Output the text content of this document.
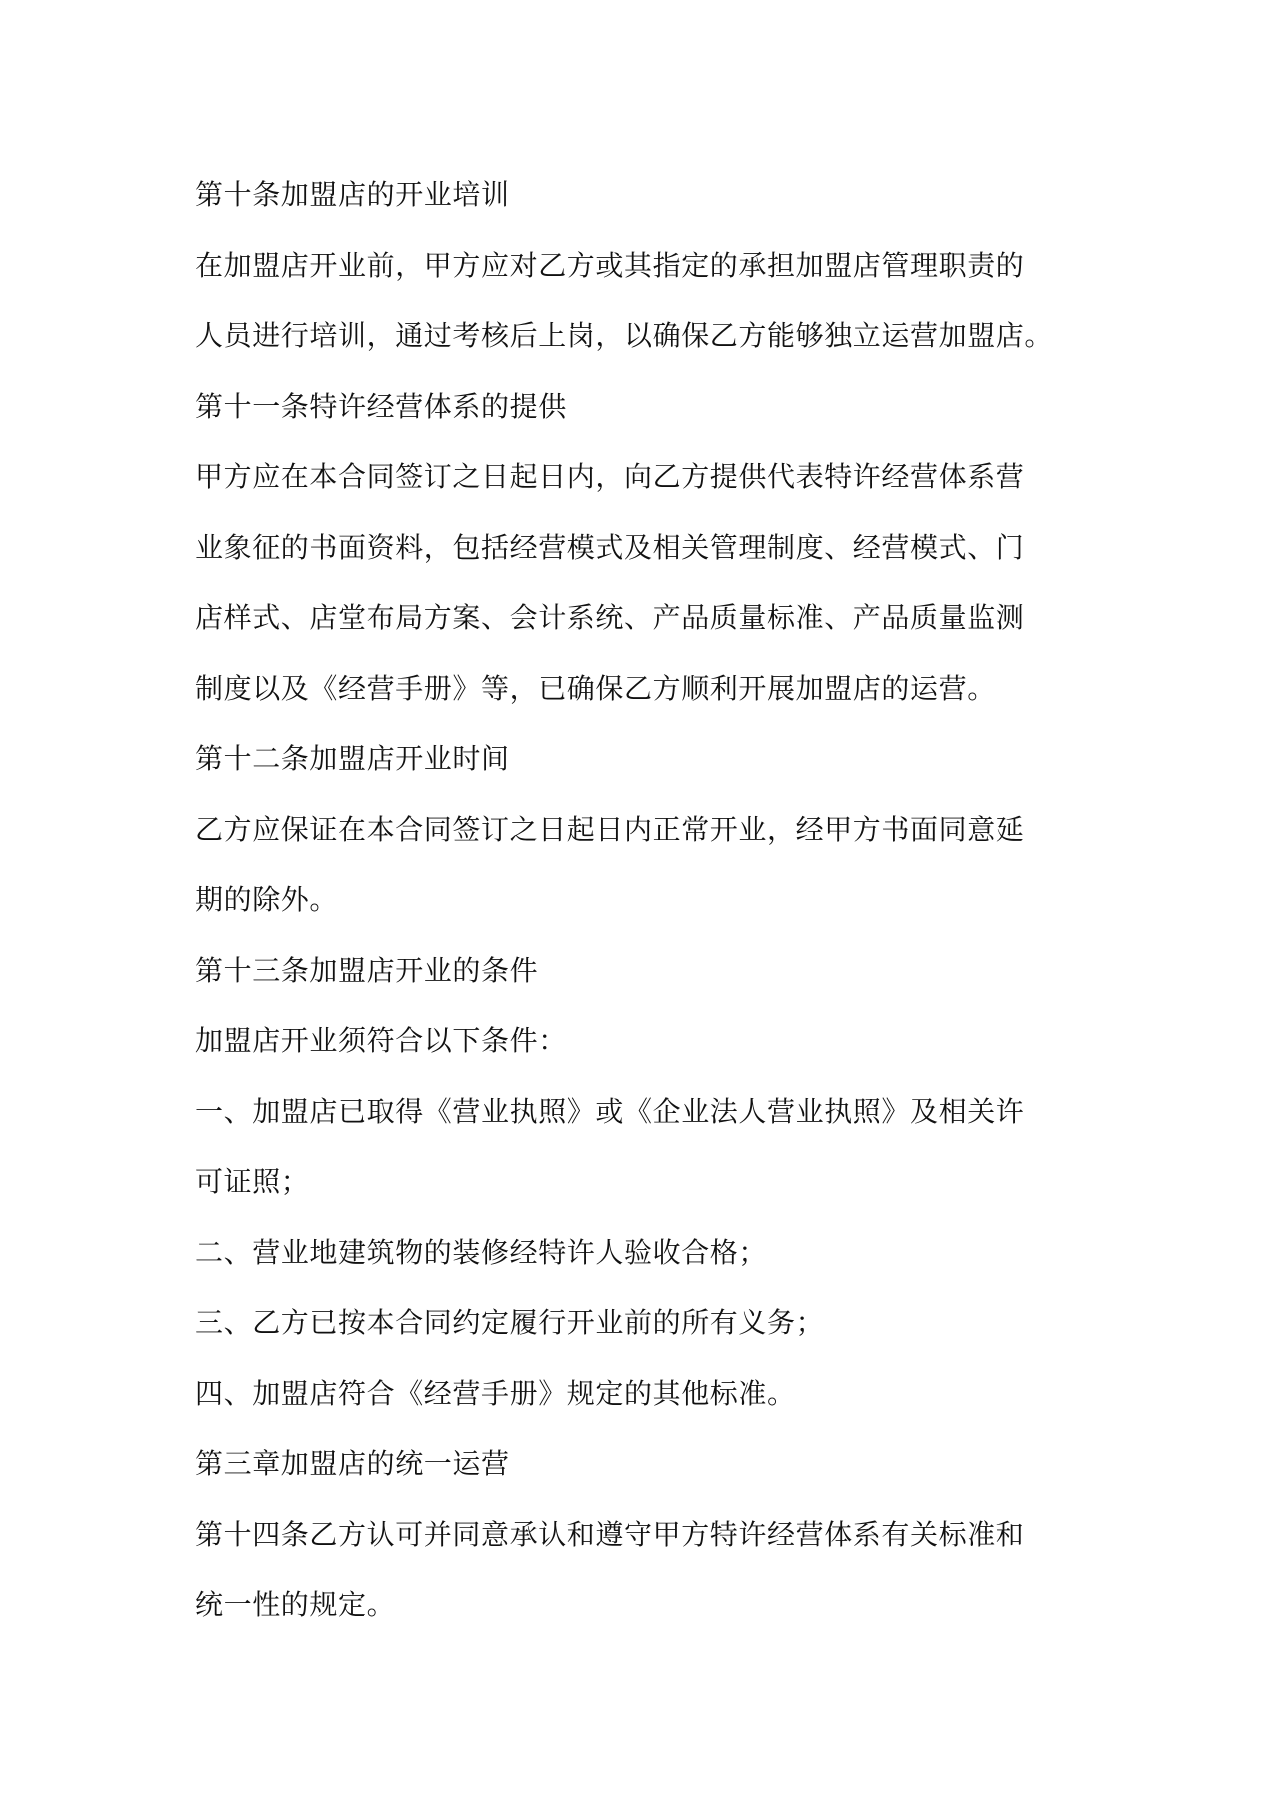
第十条加盟店的开业培训
在加盟店开业前，甲方应对乙方或其指定的承担加盟店管理职责的
人员进行培训，通过考核后上岗，以确保乙方能够独立运营加盟店。
第十一条特许经营体系的提供
甲方应在本合同签订之日起日内，向乙方提供代表特许经营体系营
业象征的书面资料，包括经营模式及相关管理制度、经营模式、门
店样式、店堂布局方案、会计系统、产品质量标准、产品质量监测
制度以及《经营手册》等，已确保乙方顺利开展加盟店的运营。
第十二条加盟店开业时间
乙方应保证在本合同签订之日起日内正常开业，经甲方书面同意延
期的除外。
第十三条加盟店开业的条件
加盟店开业须符合以下条件：
一、加盟店已取得《营业执照》或《企业法人营业执照》及相关许
可证照；
二、营业地建筑物的装修经特许人验收合格；
三、乙方已按本合同约定履行开业前的所有义务；
四、加盟店符合《经营手册》规定的其他标准。
第三章加盟店的统一运营
第十四条乙方认可并同意承认和遵守甲方特许经营体系有关标准和
统一性的规定。
